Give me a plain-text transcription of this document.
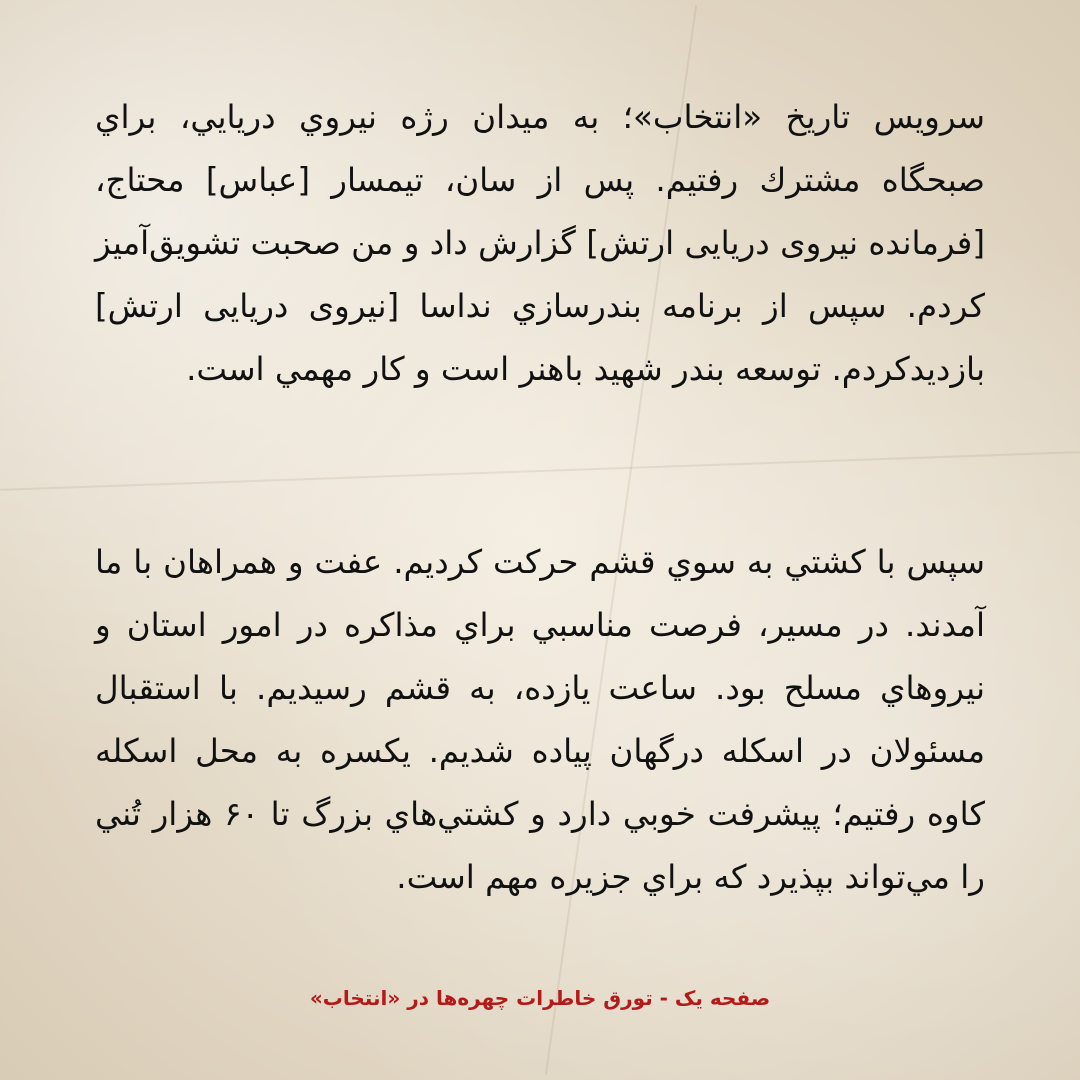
سرويس تاريخ «انتخاب»؛ به ميدان رژه نيروي دريايي، براي صبحگاه مشترك رفتيم. پس از سان، تيمسار [عباس] محتاج، [فرمانده نیروی دریایی ارتش] گزارش داد و من صحبت تشويق‌آميز كردم. سپس از برنامه بندرسازي نداسا [نیروی دریایی ارتش] بازديدكردم. توسعه بندر شهيد باهنر است و كار مهمي است.
سپس با كشتي به سوي قشم حركت كرديم. عفت و همراهان با ما آمدند. در مسير، فرصت مناسبي براي مذاكره در امور استان و نيروهاي مسلح بود. ساعت يازده، به قشم رسيديم. با استقبال مسئولان در اسكله درگهان پياده شديم. يكسره به محل اسكله كاوه رفتيم؛ پيشرفت خوبي دارد و كشتي‌هاي بزرگ تا ۶۰ هزار تُني را مي‌تواند بپذيرد كه براي جزيره مهم است.
صفحه یک - تورق خاطرات چهره‌ها در «انتخاب»
